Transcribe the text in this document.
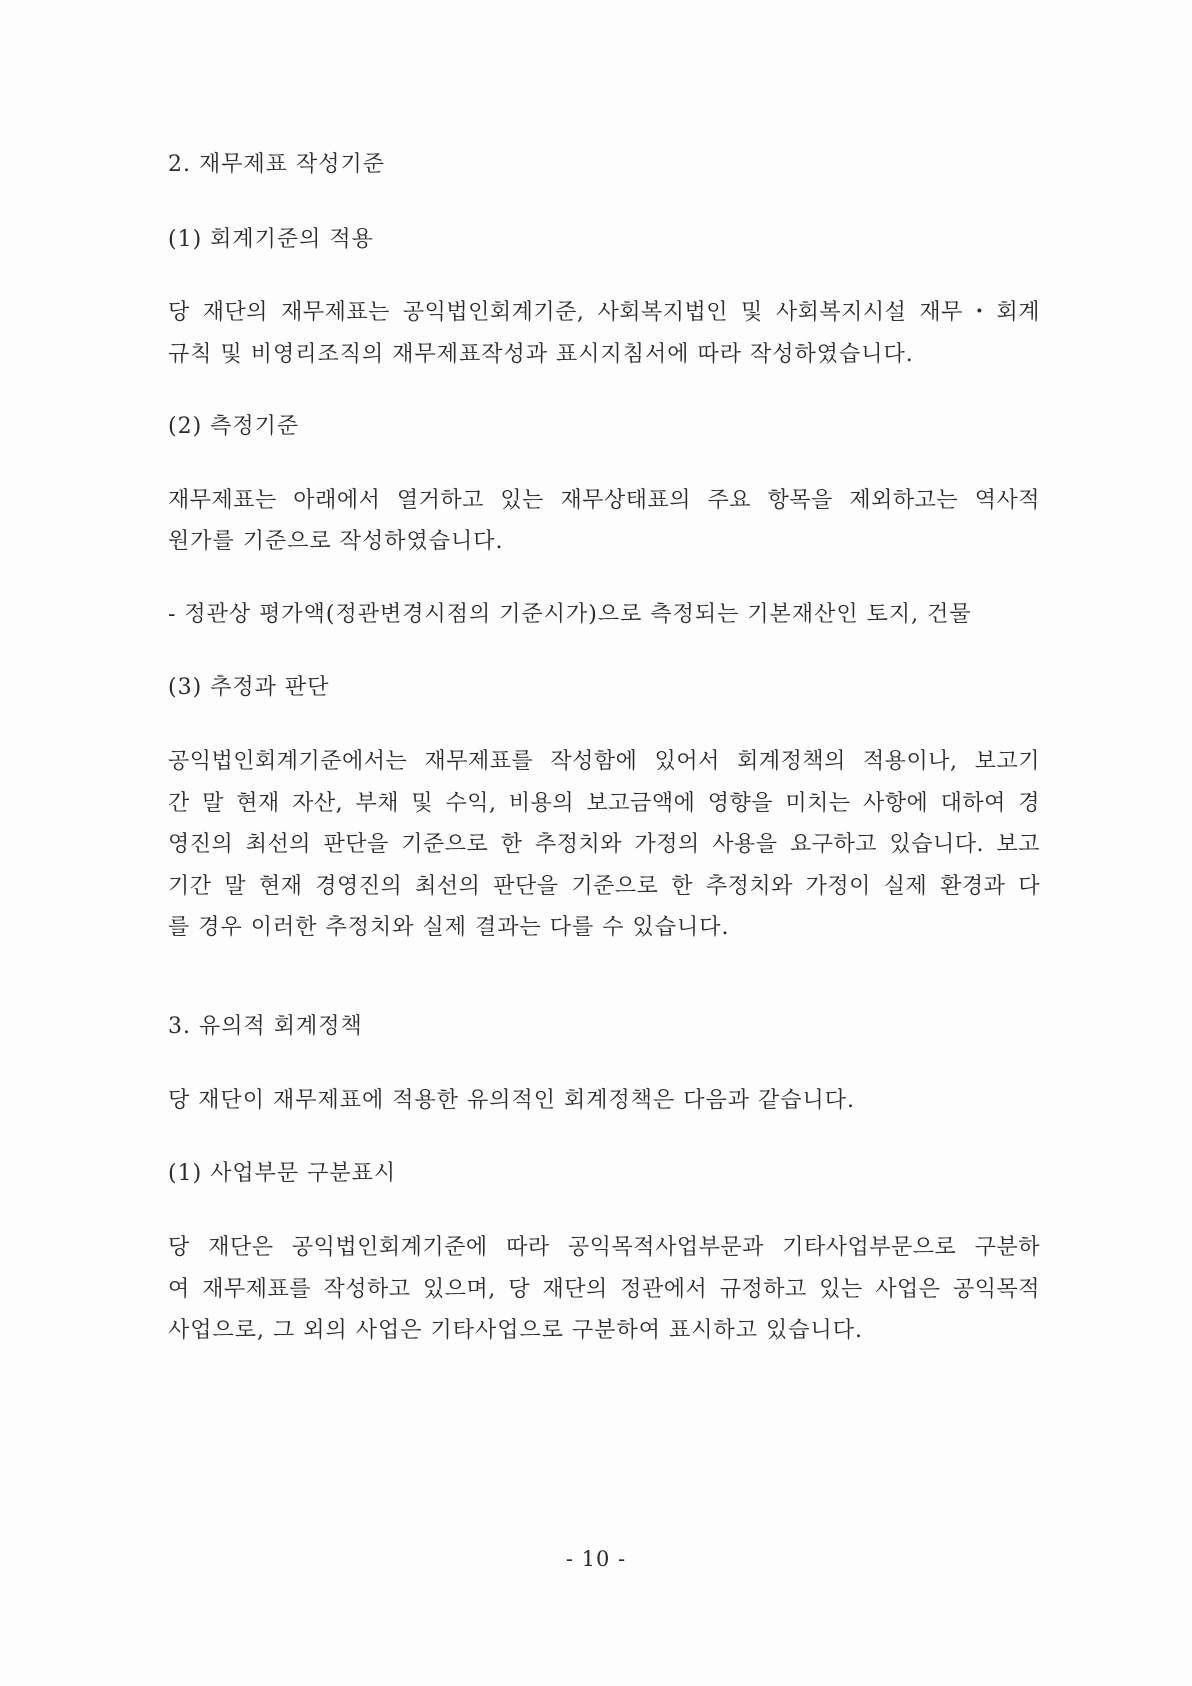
2. 재무제표 작성기준
(1) 회계기준의 적용
당 재단의 재무제표는 공익법인회계기준, 사회복지법인 및 사회복지시설 재무・회계
규칙 및 비영리조직의 재무제표작성과 표시지침서에 따라 작성하였습니다.
(2) 측정기준
재무제표는 아래에서 열거하고 있는 재무상태표의 주요 항목을 제외하고는 역사적
원가를 기준으로 작성하였습니다.
- 정관상 평가액(정관변경시점의 기준시가)으로 측정되는 기본재산인 토지, 건물
(3) 추정과 판단
공익법인회계기준에서는 재무제표를 작성함에 있어서 회계정책의 적용이나, 보고기
간 말 현재 자산, 부채 및 수익, 비용의 보고금액에 영향을 미치는 사항에 대하여 경
영진의 최선의 판단을 기준으로 한 추정치와 가정의 사용을 요구하고 있습니다. 보고
기간 말 현재 경영진의 최선의 판단을 기준으로 한 추정치와 가정이 실제 환경과 다
를 경우 이러한 추정치와 실제 결과는 다를 수 있습니다.
3. 유의적 회계정책
당 재단이 재무제표에 적용한 유의적인 회계정책은 다음과 같습니다.
(1) 사업부문 구분표시
당 재단은 공익법인회계기준에 따라 공익목적사업부문과 기타사업부문으로 구분하
여 재무제표를 작성하고 있으며, 당 재단의 정관에서 규정하고 있는 사업은 공익목적
사업으로, 그 외의 사업은 기타사업으로 구분하여 표시하고 있습니다.
- 10 -
